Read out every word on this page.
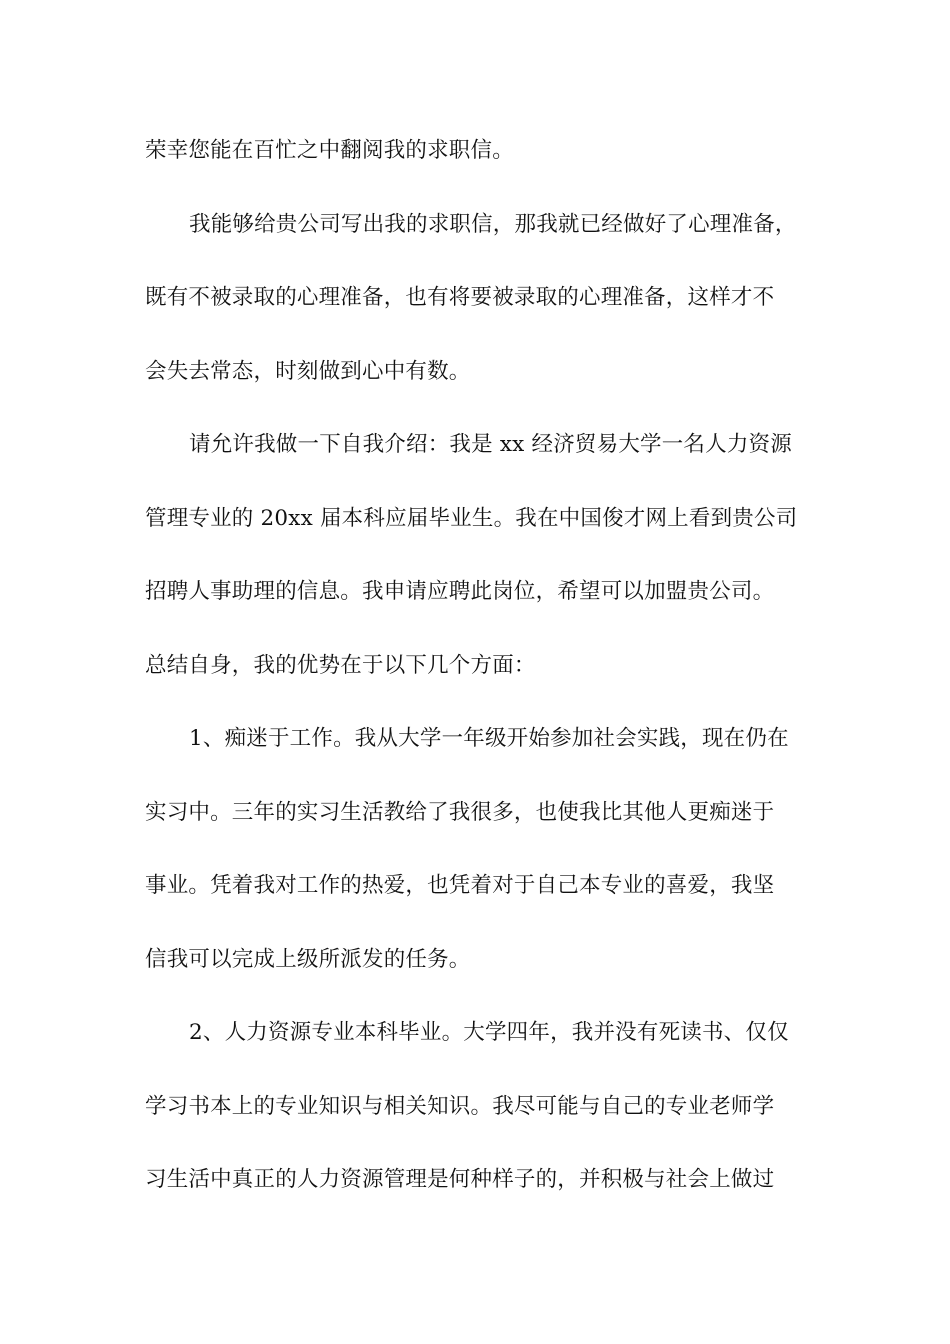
荣幸您能在百忙之中翻阅我的求职信。
我能够给贵公司写出我的求职信，那我就已经做好了心理准备，
既有不被录取的心理准备，也有将要被录取的心理准备，这样才不
会失去常态，时刻做到心中有数。
请允许我做一下自我介绍：我是 xx 经济贸易大学一名人力资源
管理专业的 20xx 届本科应届毕业生。我在中国俊才网上看到贵公司
招聘人事助理的信息。我申请应聘此岗位，希望可以加盟贵公司。
总结自身，我的优势在于以下几个方面：
1、痴迷于工作。我从大学一年级开始参加社会实践，现在仍在
实习中。三年的实习生活教给了我很多，也使我比其他人更痴迷于
事业。凭着我对工作的热爱，也凭着对于自己本专业的喜爱，我坚
信我可以完成上级所派发的任务。
2、人力资源专业本科毕业。大学四年，我并没有死读书、仅仅
学习书本上的专业知识与相关知识。我尽可能与自己的专业老师学
习生活中真正的人力资源管理是何种样子的，并积极与社会上做过
